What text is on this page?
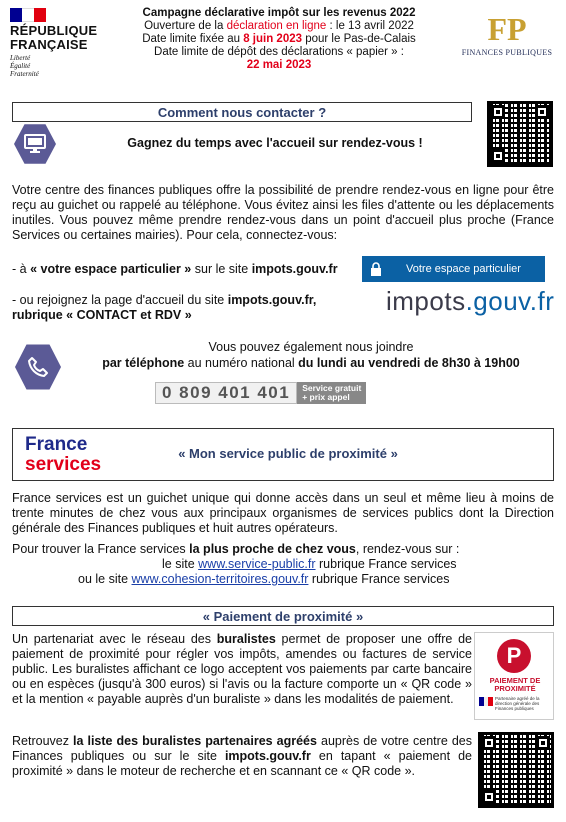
RÉPUBLIQUE
FRANÇAISE
Liberté
Égalité
Fraternité
Campagne déclarative impôt sur les revenus 2022
Ouverture de la déclaration en ligne : le 13 avril 2022
Date limite fixée au 8 juin 2023 pour le Pas-de-Calais
Date limite de dépôt des déclarations « papier » :
22 mai 2023
FP
FINANCES PUBLIQUES
Comment nous contacter ?
Gagnez du temps avec l'accueil sur rendez-vous !
Votre centre des finances publiques offre la possibilité de prendre rendez-vous en ligne pour être reçu au guichet ou rappelé au téléphone. Vous évitez ainsi les files d'attente ou les déplacements inutiles. Vous pouvez même prendre rendez-vous dans un point d'accueil plus proche (France Services ou certaines mairies). Pour cela, connectez-vous:
- à « votre espace particulier » sur le site impots.gouv.fr	Votre espace particulier
- ou rejoignez la page d'accueil du site impots.gouv.fr,
rubrique « CONTACT et RDV »	impots.gouv.fr
Vous pouvez également nous joindre
par téléphone au numéro national du lundi au vendredi de 8h30 à 19h00
0 809 401 401	Service gratuit
+ prix appel
France
services
« Mon service public de proximité »
France services est un guichet unique qui donne accès dans un seul et même lieu à moins de trente minutes de chez vous aux principaux organismes de services publics dont la Direction générale des Finances publiques et huit autres opérateurs.
Pour trouver la France services la plus proche de chez vous, rendez-vous sur :
le site www.service-public.fr rubrique France services
ou le site www.cohesion-territoires.gouv.fr rubrique France services
« Paiement de proximité »
Un partenariat avec le réseau des buralistes permet de proposer une offre de paiement de proximité pour régler vos impôts, amendes ou factures de service public. Les buralistes affichant ce logo acceptent vos paiements par carte bancaire ou en espèces (jusqu'à 300 euros) si l'avis ou la facture comporte un « QR code » et la mention « payable auprès d'un buraliste » dans les modalités de paiement.
P
PAIEMENT DE
PROXIMITÉ
Partenaire agréé de la direction générale des Finances publiques
Retrouvez la liste des buralistes partenaires agréés auprès de votre centre des Finances publiques ou sur le site impots.gouv.fr en tapant « paiement de proximité » dans le moteur de recherche et en scannant ce « QR code ».
